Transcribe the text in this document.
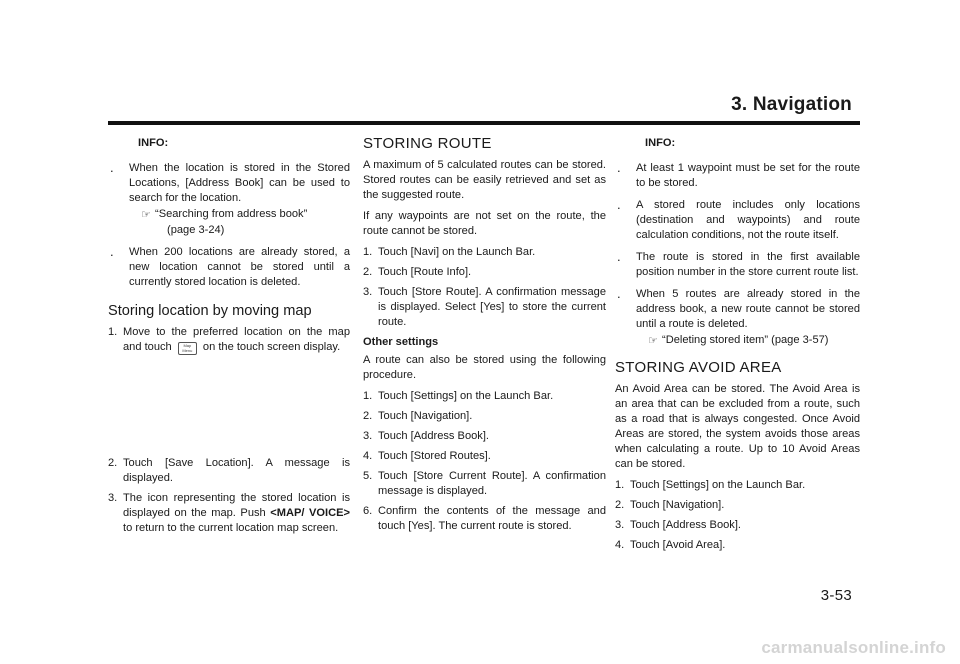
3. Navigation
INFO:
. When the location is stored in the Stored Locations, [Address Book] can be used to search for the location.
☞ “Searching from address book”
(page 3-24)
. When 200 locations are already stored, a new location cannot be stored until a currently stored location is deleted.
Storing location by moving map
1. Move to the preferred location on the map and touch	Map Menu on the touch screen display.
2. Touch [Save Location]. A message is displayed.
3. The icon representing the stored location is displayed on the map. Push <MAP/ VOICE> to return to the current location map screen.
STORING ROUTE
A maximum of 5 calculated routes can be stored. Stored routes can be easily retrieved and set as the suggested route.
If any waypoints are not set on the route, the route cannot be stored.
1. Touch [Navi] on the Launch Bar.
2. Touch [Route Info].
3. Touch [Store Route]. A confirmation message is displayed. Select [Yes] to store the current route.
Other settings
A route can also be stored using the following procedure.
1. Touch [Settings] on the Launch Bar.
2. Touch [Navigation].
3. Touch [Address Book].
4. Touch [Stored Routes].
5. Touch [Store Current Route]. A confirmation message is displayed.
6. Confirm the contents of the message and touch [Yes]. The current route is stored.
INFO:
. At least 1 waypoint must be set for the route to be stored.
. A stored route includes only locations (destination and waypoints) and route calculation conditions, not the route itself.
. The route is stored in the first available position number in the store current route list.
. When 5 routes are already stored in the address book, a new route cannot be stored until a route is deleted.
☞ “Deleting stored item” (page 3-57)
STORING AVOID AREA
An Avoid Area can be stored. The Avoid Area is an area that can be excluded from a route, such as a road that is always congested. Once Avoid Areas are stored, the system avoids those areas when calculating a route. Up to 10 Avoid Areas can be stored.
1. Touch [Settings] on the Launch Bar.
2. Touch [Navigation].
3. Touch [Address Book].
4. Touch [Avoid Area].
3-53
carmanualsonline.info
